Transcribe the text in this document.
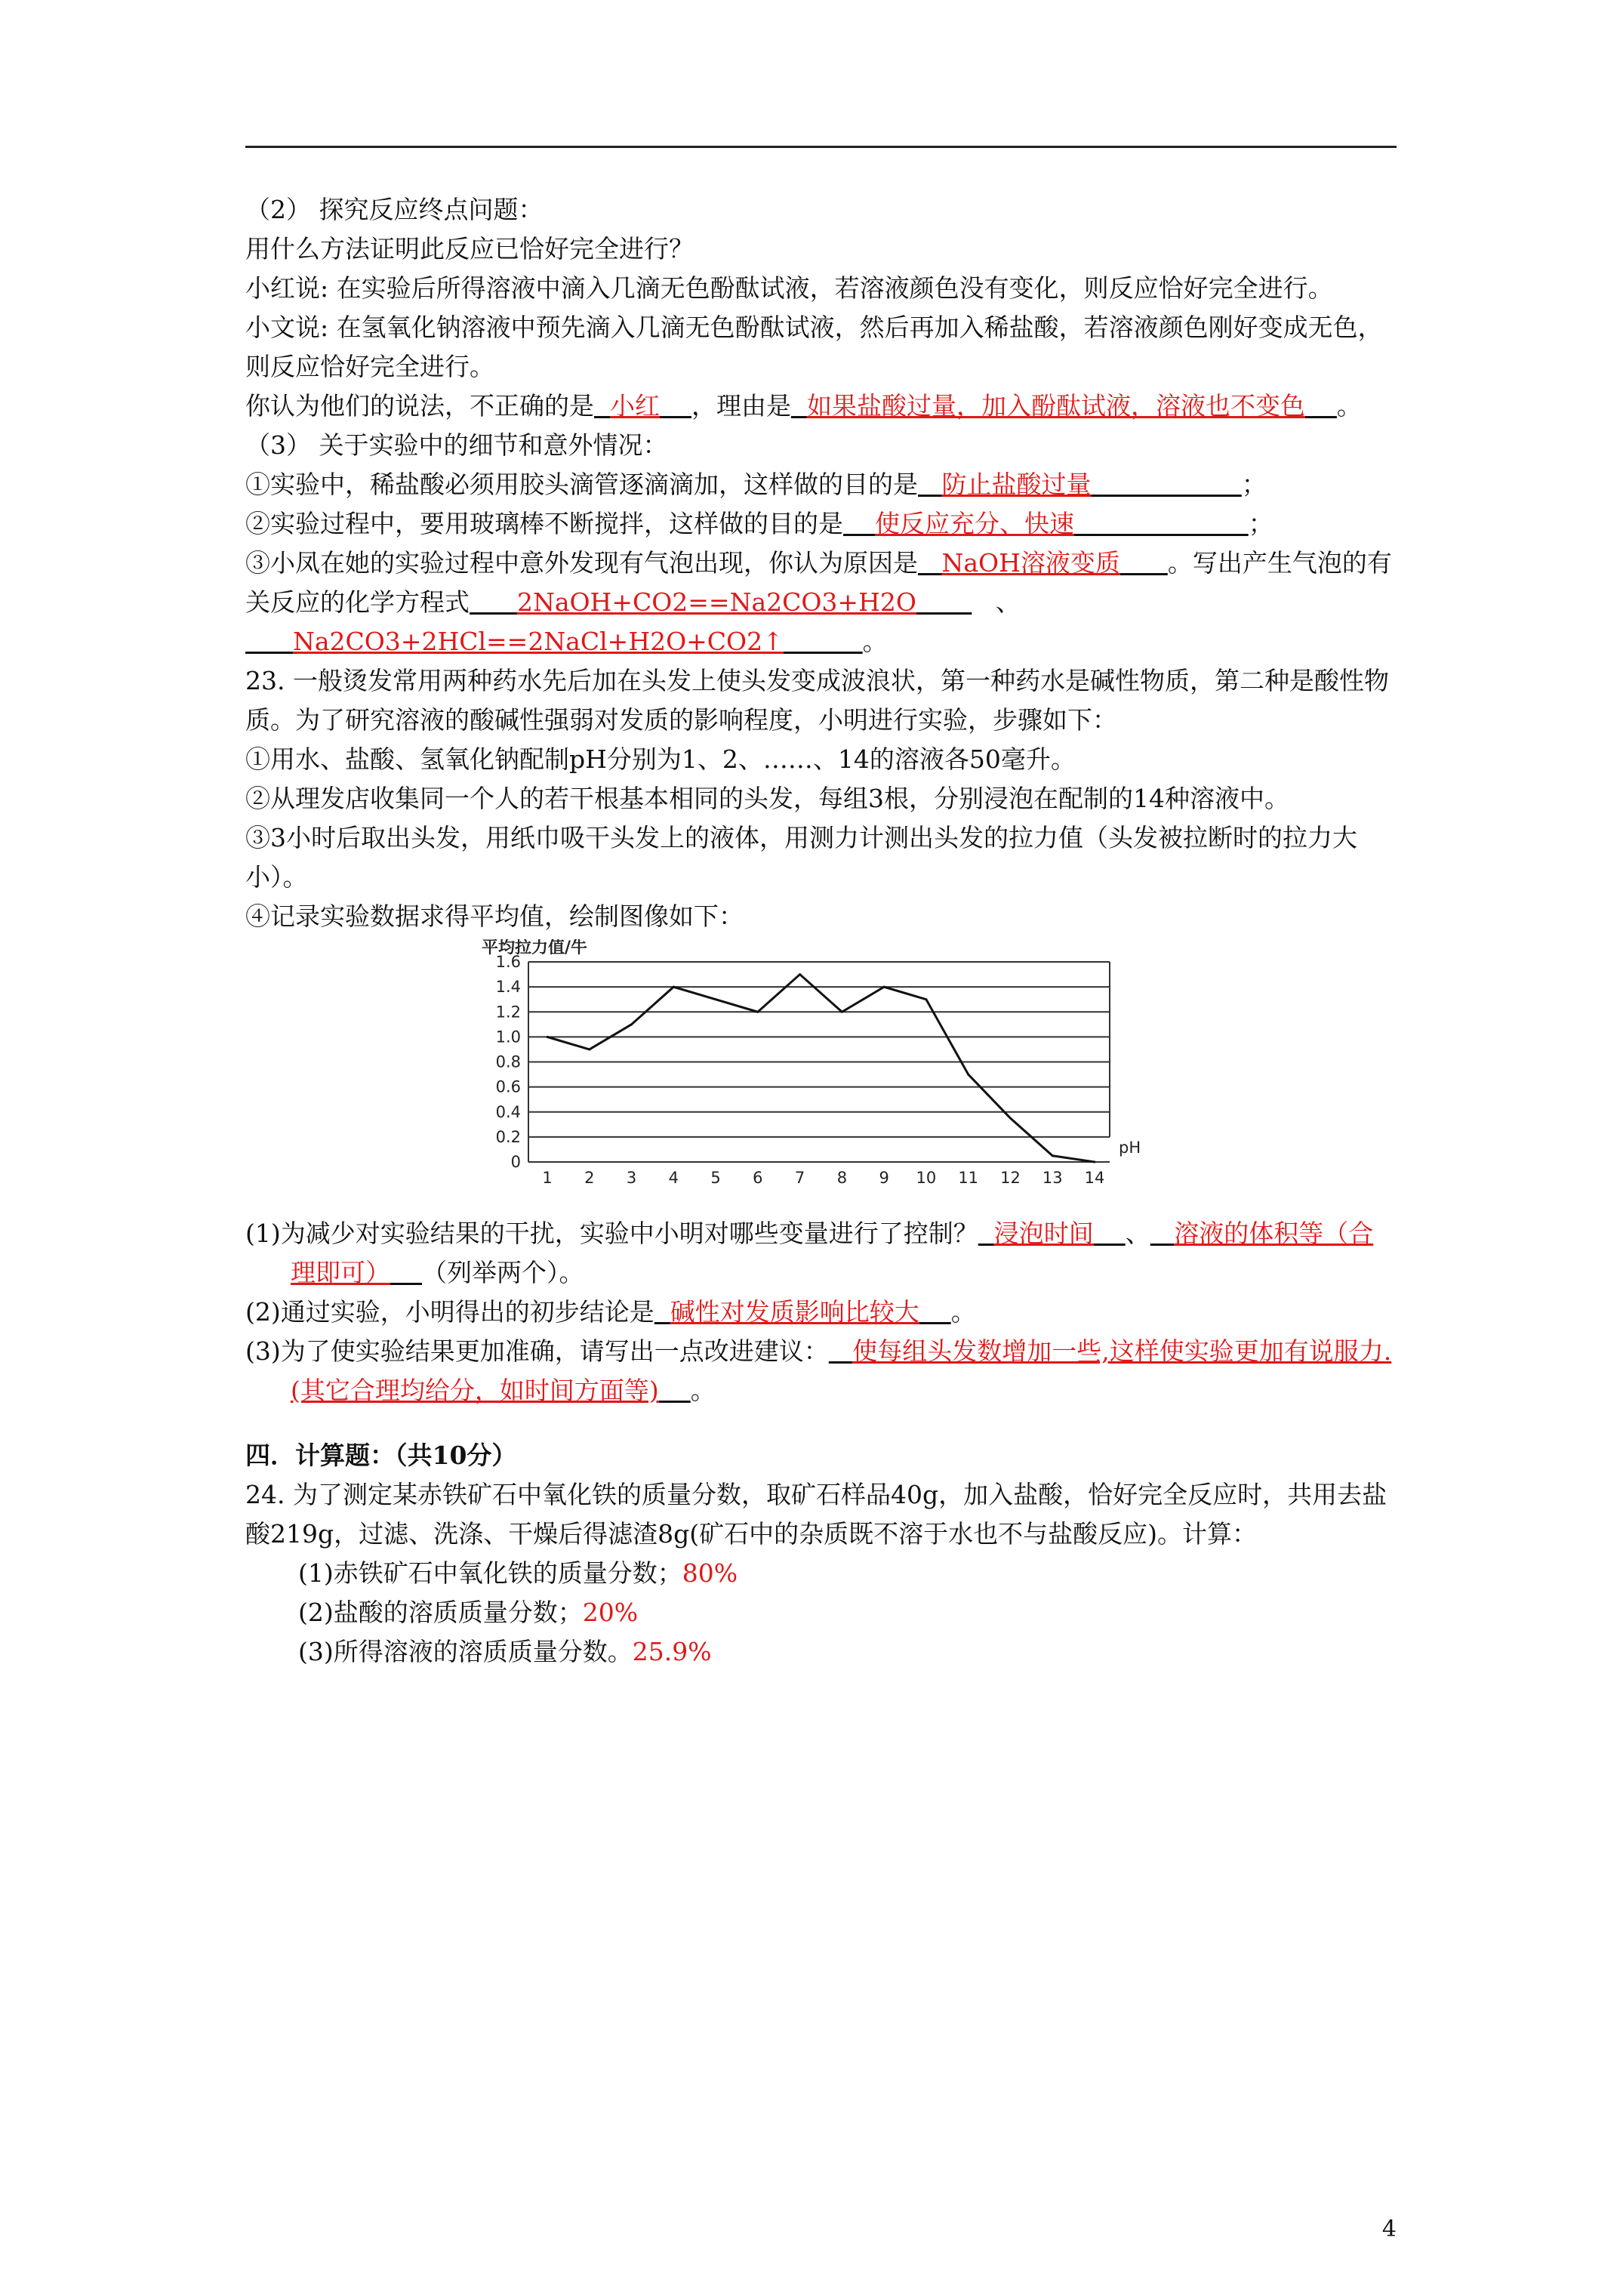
（2） 探究反应终点问题：
用什么方法证明此反应已恰好完全进行？
小红说: 在实验后所得溶液中滴入几滴无色酚酞试液，若溶液颜色没有变化，则反应恰好完全进行。
小文说: 在氢氧化钠溶液中预先滴入几滴无色酚酞试液，然后再加入稀盐酸，若溶液颜色刚好变成无色，则反应恰好完全进行。
你认为他们的说法，不正确的是 小红 ，理由是 如果盐酸过量，加入酚酞试液，溶液也不变色 。
（3） 关于实验中的细节和意外情况：
①实验中，稀盐酸必须用胶头滴管逐滴滴加，这样做的目的是 防止盐酸过量	；
②实验过程中，要用玻璃棒不断搅拌，这样做的目的是 使反应充分、快速	；
③小凤在她的实验过程中意外发现有气泡出现，你认为原因是 NaOH溶液变质 。写出产生气泡的有关反应的化学方程式 2NaOH+CO2==Na2CO3+H2O	、
Na2CO3+2HCl==2NaCl+H2O+CO2↑	。
23. 一般烫发常用两种药水先后加在头发上使头发变成波浪状，第一种药水是碱性物质，第二种是酸性物质。为了研究溶液的酸碱性强弱对发质的影响程度，小明进行实验，步骤如下：
①用水、盐酸、氢氧化钠配制pH分别为1、2、……、14的溶液各50毫升。
②从理发店收集同一个人的若干根基本相同的头发，每组3根，分别浸泡在配制的14种溶液中。
③3小时后取出头发，用纸巾吸干头发上的液体，用测力计测出头发的拉力值（头发被拉断时的拉力大小）。
④记录实验数据求得平均值，绘制图像如下：
平均拉力值/牛
1.6
1.4
1.2
1.0
0.8
0.6
0.4
0.2
0
1 2 3 4 5 6 7 8 9 10 11 12 13 14
pH
(1)为减少对实验结果的干扰，实验中小明对哪些变量进行了控制？ 浸泡时间 、 溶液的体积等（合理即可） （列举两个）。
(2)通过实验，小明得出的初步结论是 碱性对发质影响比较大 。
(3)为了使实验结果更加准确，请写出一点改进建议： 使每组头发数增加一些,这样使实验更加有说服力.(其它合理均给分，如时间方面等) 。
四．计算题：（共10分）
24. 为了测定某赤铁矿石中氧化铁的质量分数，取矿石样品40g，加入盐酸，恰好完全反应时，共用去盐酸219g，过滤、洗涤、干燥后得滤渣8g(矿石中的杂质既不溶于水也不与盐酸反应)。计算：
(1)赤铁矿石中氧化铁的质量分数；80%
(2)盐酸的溶质质量分数；20%
(3)所得溶液的溶质质量分数。25.9%
4
